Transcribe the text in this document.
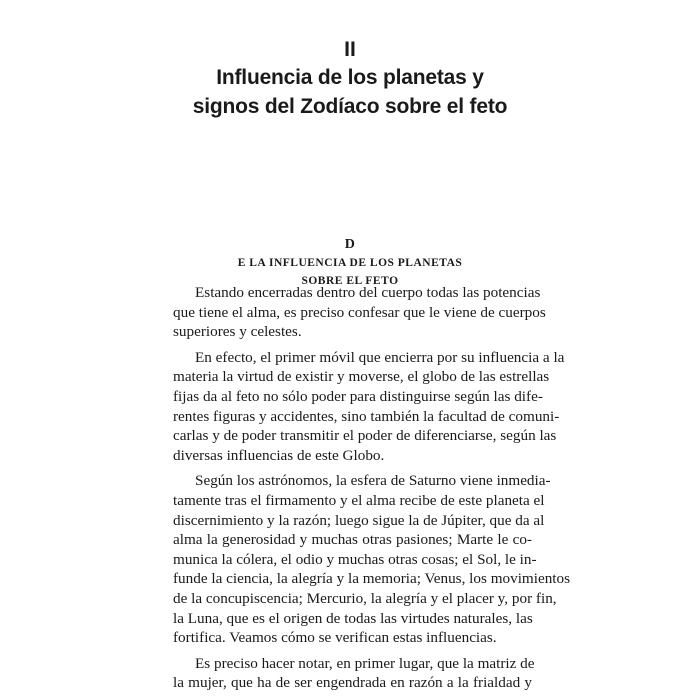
II
Influencia de los planetas y
signos del Zodíaco sobre el feto
D
E LA INFLUENCIA DE LOS PLANETAS
SOBRE EL FETO

Estando encerradas dentro del cuerpo todas las potencias
que tiene el alma, es preciso confesar que le viene de cuerpos
superiores y celestes.

En efecto, el primer móvil que encierra por su influencia a la
materia la virtud de existir y moverse, el globo de las estrellas
fijas da al feto no sólo poder para distinguirse según las dife-
rentes figuras y accidentes, sino también la facultad de comuni-
carlas y de poder transmitir el poder de diferenciarse, según las
diversas influencias de este Globo.

Según los astrónomos, la esfera de Saturno viene inmedia-
tamente tras el firmamento y el alma recibe de este planeta el
discernimiento y la razón; luego sigue la de Júpiter, que da al
alma la generosidad y muchas otras pasiones; Marte le co-
munica la cólera, el odio y muchas otras cosas; el Sol, le in-
funde la ciencia, la alegría y la memoria; Venus, los movimientos
de la concupiscencia; Mercurio, la alegría y el placer y, por fin,
la Luna, que es el origen de todas las virtudes naturales, las
fortifica. Veamos cómo se verifican estas influencias.

Es preciso hacer notar, en primer lugar, que la matriz de
la mujer, que ha de ser engendrada en razón a la frialdad y
